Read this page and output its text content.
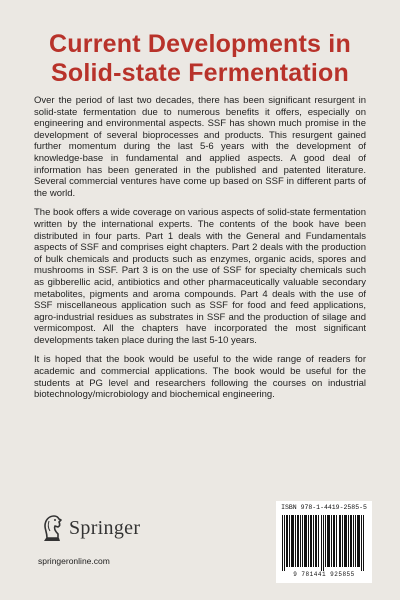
Current Developments in
Solid-state Fermentation

Over the period of last two decades, there has been significant resurgent in solid-state fermentation due to numerous benefits it offers, especially on engineering and environmental aspects. SSF has shown much promise in the development of several bioprocesses and products. This resurgent gained further momentum during the last 5-6 years with the development of knowledge-base in fundamental and applied aspects. A good deal of information has been generated in the published and patented literature. Several commercial ventures have come up based on SSF in different parts of the world.

The book offers a wide coverage on various aspects of solid-state fermentation written by the international experts. The contents of the book have been distributed in four parts. Part 1 deals with the General and Fundamentals aspects of SSF and comprises eight chapters. Part 2 deals with the production of bulk chemicals and products such as enzymes, organic acids, spores and mushrooms in SSF. Part 3 is on the use of SSF for specialty chemicals such as gibberellic acid, antibiotics and other pharmaceutically valuable secondary metabolites, pigments and aroma compounds. Part 4 deals with the use of SSF miscellaneous application such as SSF for food and feed applications, agro-industrial residues as substrates in SSF and the production of silage and vermicompost. All the chapters have incorporated the most significant developments taken place during the last 5-10 years.

It is hoped that the book would be useful to the wide range of readers for academic and commercial applications. The book would be useful for the students at PG level and researchers following the courses on industrial biotechnology/microbiology and biochemical engineering.

Springer
springeronline.com
ISBN 978-1-4419-2585-5
9 781441 925855
